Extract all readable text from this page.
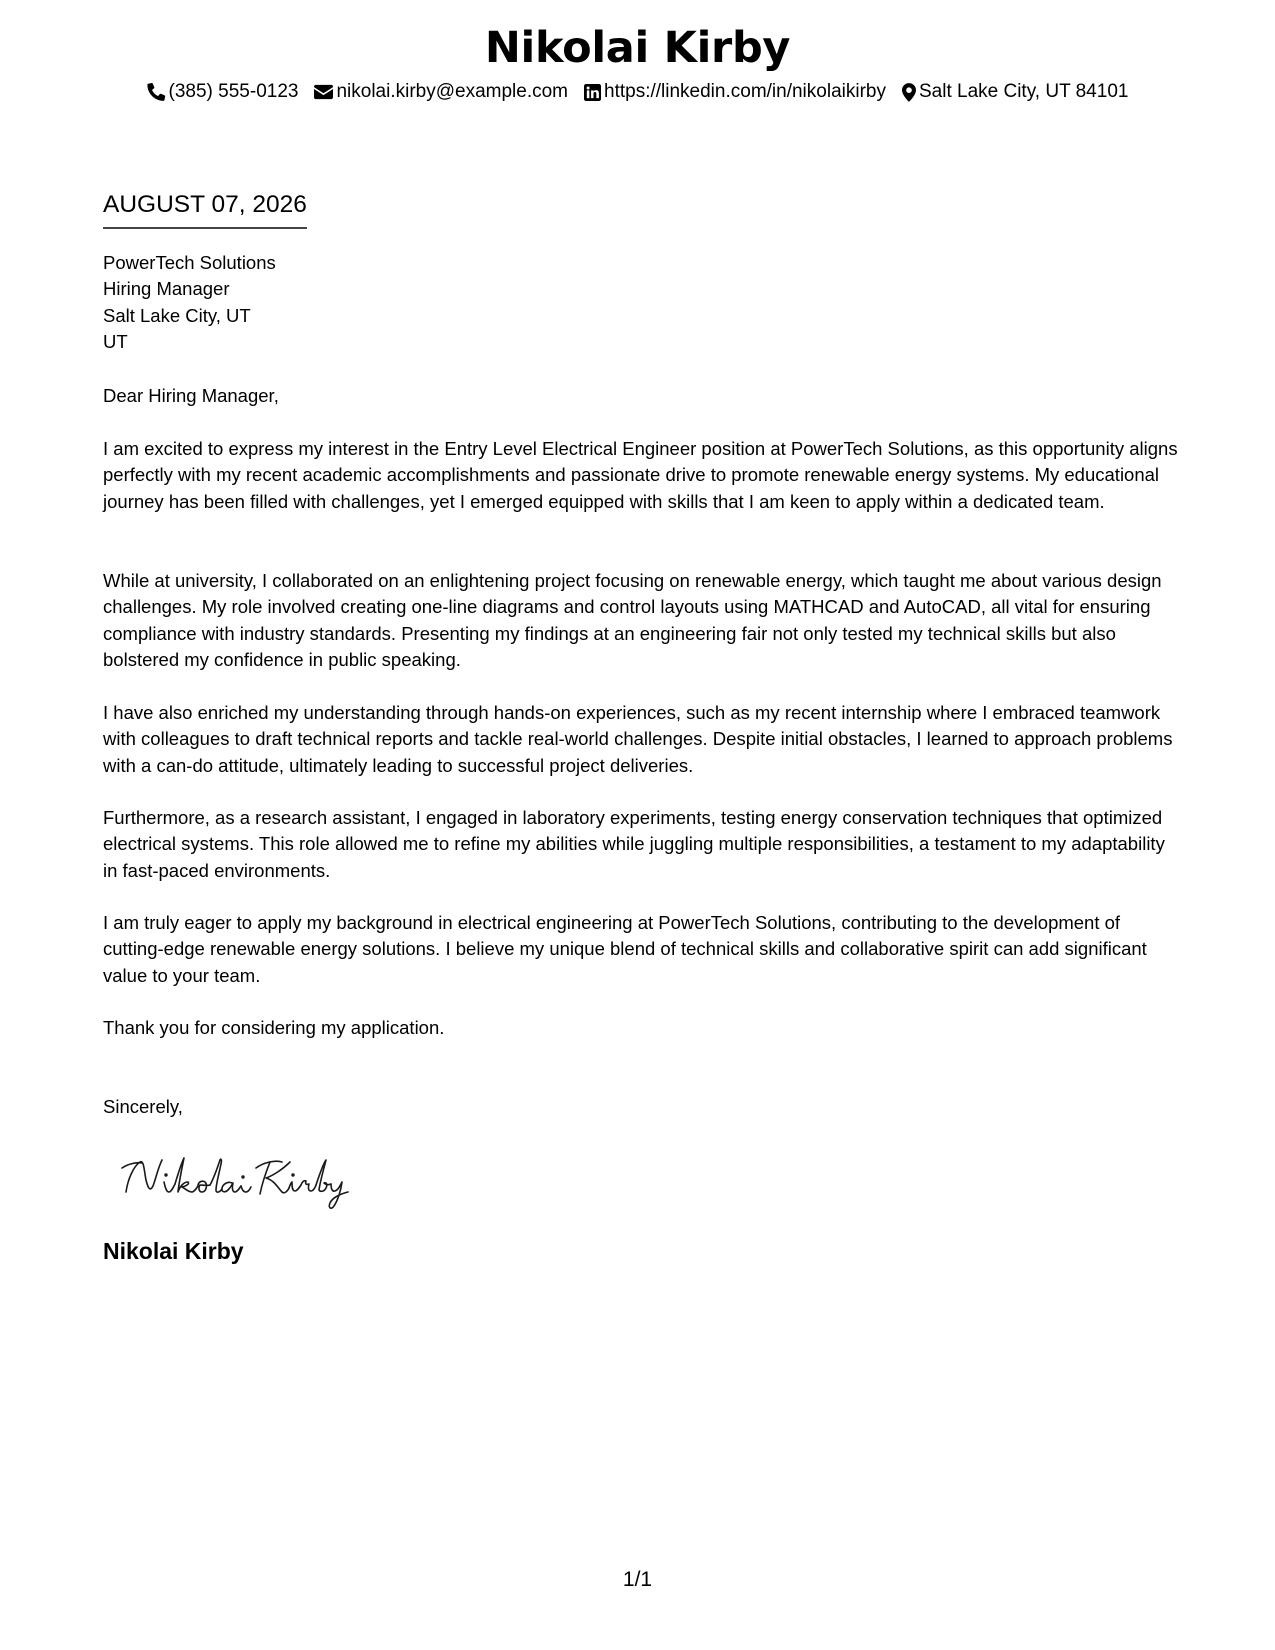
Nikolai Kirby
(385) 555-0123 nikolai.kirby@example.com https://linkedin.com/in/nikolaikirby Salt Lake City, UT 84101
AUGUST 07, 2026
PowerTech Solutions
Hiring Manager
Salt Lake City, UT
UT
Dear Hiring Manager,
I am excited to express my interest in the Entry Level Electrical Engineer position at PowerTech Solutions, as this opportunity aligns perfectly with my recent academic accomplishments and passionate drive to promote renewable energy systems. My educational journey has been filled with challenges, yet I emerged equipped with skills that I am keen to apply within a dedicated team.
While at university, I collaborated on an enlightening project focusing on renewable energy, which taught me about various design challenges. My role involved creating one-line diagrams and control layouts using MATHCAD and AutoCAD, all vital for ensuring compliance with industry standards. Presenting my findings at an engineering fair not only tested my technical skills but also bolstered my confidence in public speaking.
I have also enriched my understanding through hands-on experiences, such as my recent internship where I embraced teamwork with colleagues to draft technical reports and tackle real-world challenges. Despite initial obstacles, I learned to approach problems with a can-do attitude, ultimately leading to successful project deliveries.
Furthermore, as a research assistant, I engaged in laboratory experiments, testing energy conservation techniques that optimized electrical systems. This role allowed me to refine my abilities while juggling multiple responsibilities, a testament to my adaptability in fast-paced environments.
I am truly eager to apply my background in electrical engineering at PowerTech Solutions, contributing to the development of cutting-edge renewable energy solutions. I believe my unique blend of technical skills and collaborative spirit can add significant value to your team.
Thank you for considering my application.
Sincerely,
Nikolai Kirby
1/1
